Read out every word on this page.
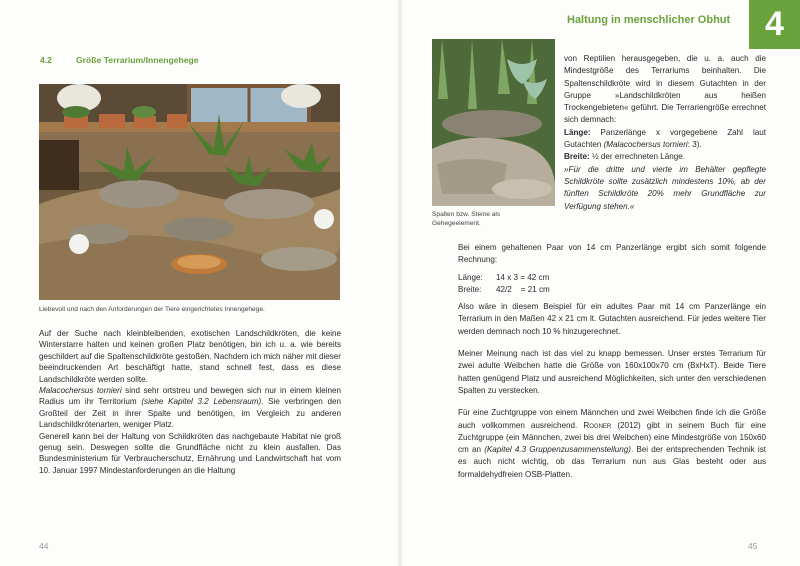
4.2	Größe Terrarium/Innengehege
Liebevoll und nach den Anforderungen der Tiere eingerichtetes Innengehege.

Auf der Suche nach kleinbleibenden, exotischen Landschildkröten, die keine Winterstarre halten und keinen großen Platz benötigen, bin ich u. a. wie bereits geschildert auf die Spaltenschildkröte gestoßen. Nachdem ich mich näher mit dieser beeindruckenden Art beschäftigt hatte, stand schnell fest, dass es diese Landschildkröte werden sollte.

Malacochersus tornieri sind sehr ortstreu und bewegen sich nur in einem kleinen Radius um ihr Territorium (siehe Kapitel 3.2 Lebensraum). Sie verbringen den Großteil der Zeit in ihrer Spalte und benötigen, im Vergleich zu anderen Landschildkrötenarten, weniger Platz.

Generell kann bei der Haltung von Schildkröten das nachgebaute Habitat nie groß genug sein. Deswegen sollte die Grundfläche nicht zu klein ausfallen. Das Bundesministerium für Verbraucherschutz, Ernährung und Landwirtschaft hat vom 10. Januar 1997 Mindestanforderungen an die Haltung

44
Haltung in menschlicher Obhut	4
Spalten bzw. Steine als Gehegeelement.

von Reptilien herausgegeben, die u. a. auch die Mindestgröße des Terrariums beinhalten. Die Spaltenschildkröte wird in diesem Gutachten in der Gruppe »Landschildkröten aus heißen Trockengebieten« geführt. Die Terrariengröße errechnet sich demnach:

Länge: Panzerlänge x vorgegebene Zahl laut Gutachten (Malacochersus tornieri: 3).

Breite: ½ der errechneten Länge.

»Für die dritte und vierte im Behälter gepflegte Schildkröte sollte zusätzlich mindestens 10%, ab der fünften Schildkröte 20% mehr Grundfläche zur Verfügung stehen.«

Bei einem gehaltenen Paar von 14 cm Panzerlänge ergibt sich somit folgende Rechnung:

Länge:	14 x 3 = 42 cm
Breite:	42/2    = 21 cm

Also wäre in diesem Beispiel für ein adultes Paar mit 14 cm Panzerlänge ein Terrarium in den Maßen 42 x 21 cm lt. Gutachten ausreichend. Für jedes weitere Tier werden demnach noch 10 % hinzugerechnet.

Meiner Meinung nach ist das viel zu knapp bemessen. Unser erstes Terrarium für zwei adulte Weibchen hatte die Größe von 160x100x70 cm (BxHxT). Beide Tiere hatten genügend Platz und ausreichend Möglichkeiten, sich unter den verschiedenen Spalten zu verstecken.

Für eine Zuchtgruppe von einem Männchen und zwei Weibchen finde ich die Größe auch vollkommen ausreichend. Rogner (2012) gibt in seinem Buch für eine Zuchtgruppe (ein Männchen, zwei bis drei Weibchen) eine Mindestgröße von 150x60 cm an (Kapitel 4.3 Gruppenzusammenstellung). Bei der entsprechenden Technik ist es auch nicht wichtig, ob das Terrarium nun aus Glas besteht oder aus formaldehydfreien OSB-Platten.

45
